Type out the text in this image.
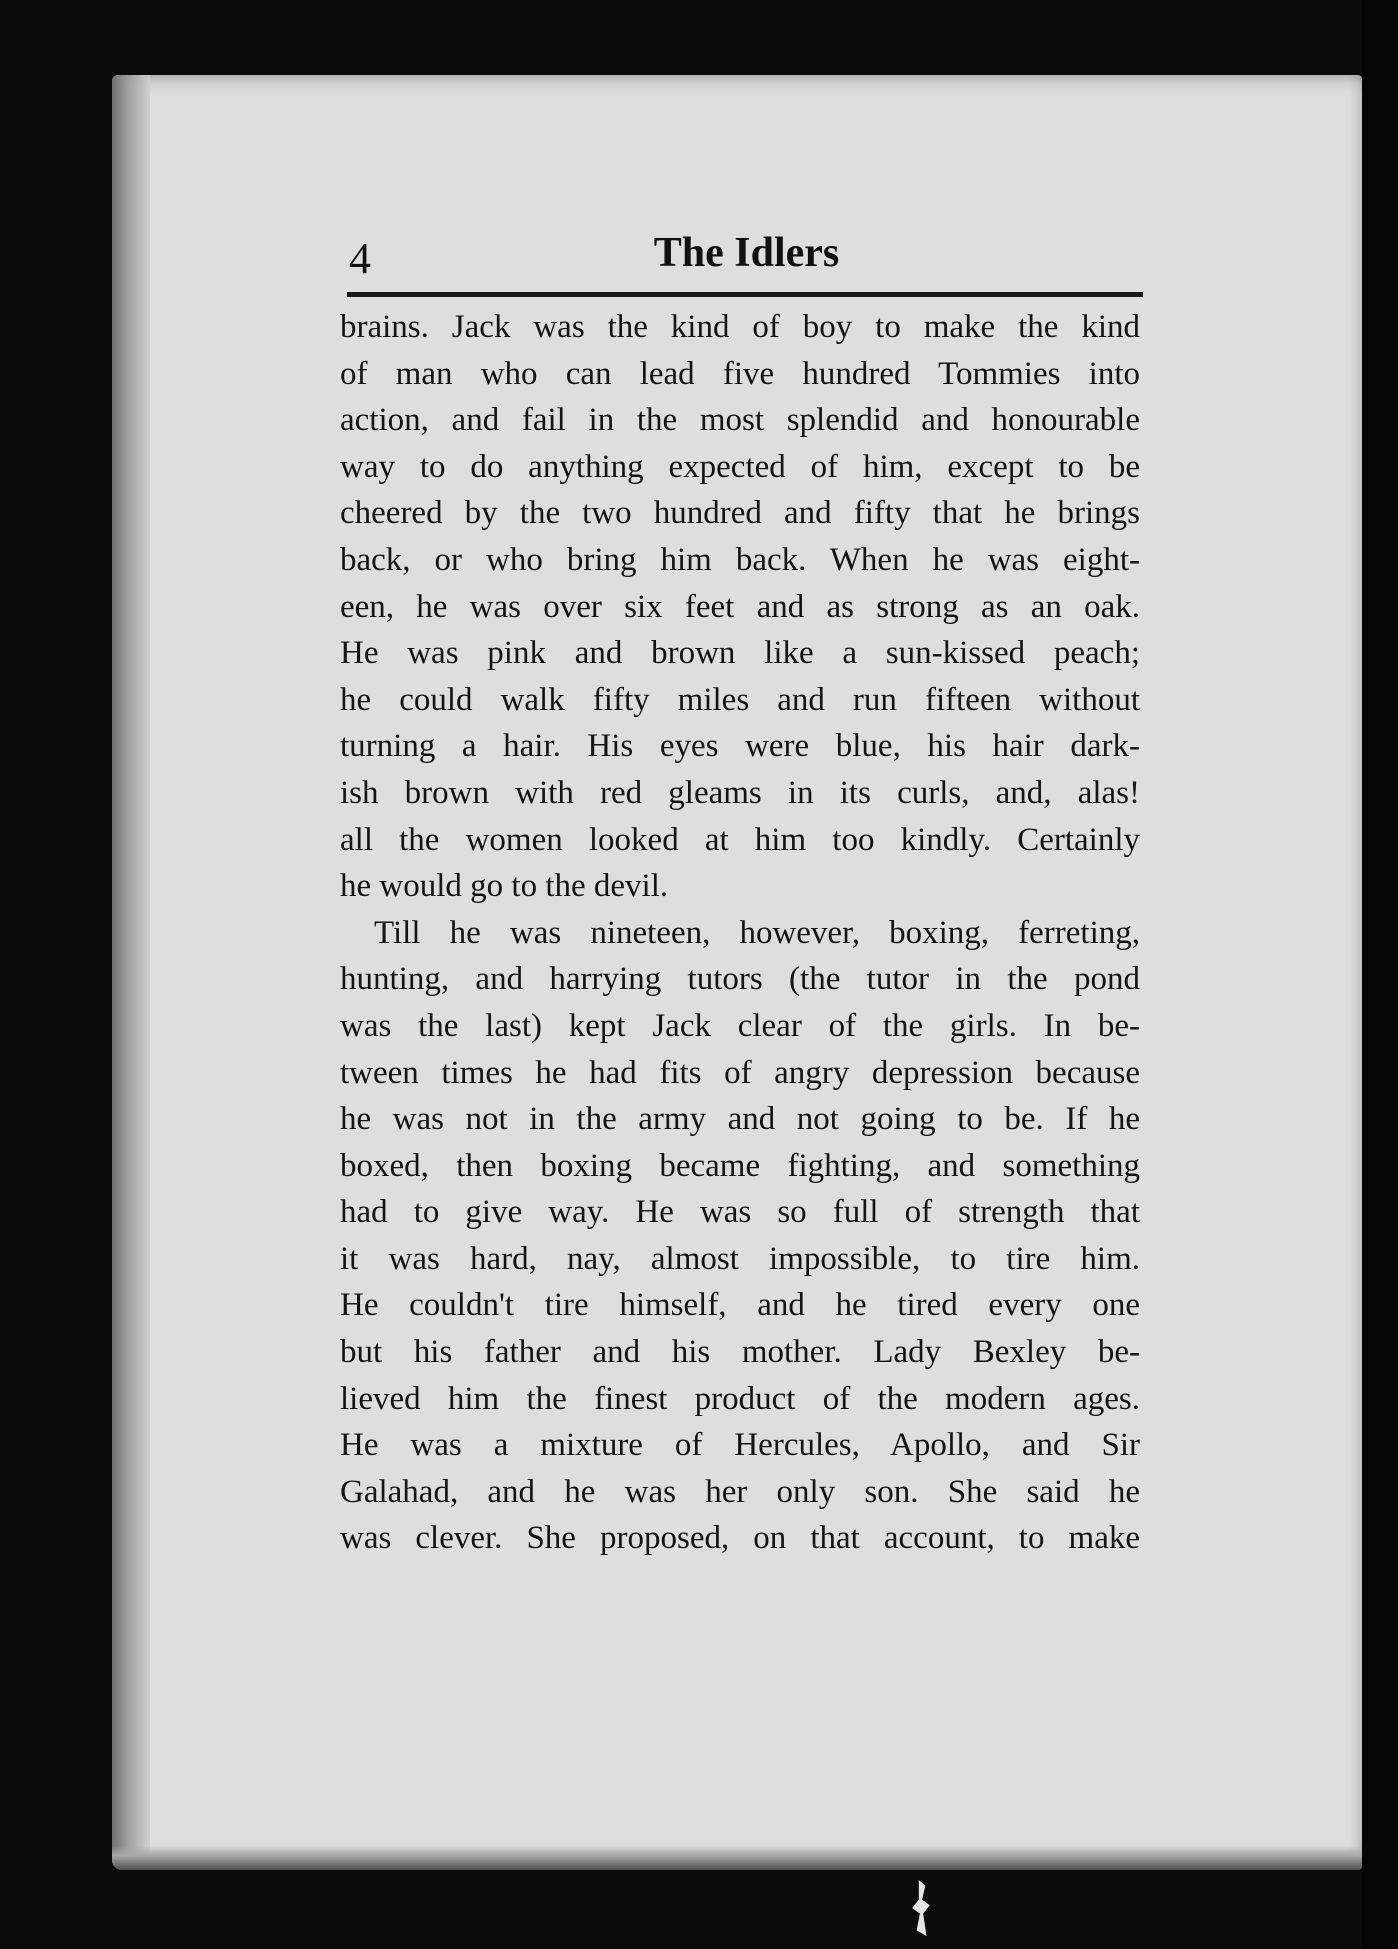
4	The Idlers
brains. Jack was the kind of boy to make the kind
of man who can lead five hundred Tommies into
action, and fail in the most splendid and honourable
way to do anything expected of him, except to be
cheered by the two hundred and fifty that he brings
back, or who bring him back. When he was eight-
een, he was over six feet and as strong as an oak.
He was pink and brown like a sun-kissed peach;
he could walk fifty miles and run fifteen without
turning a hair. His eyes were blue, his hair dark-
ish brown with red gleams in its curls, and, alas!
all the women looked at him too kindly. Certainly
he would go to the devil.
Till he was nineteen, however, boxing, ferreting,
hunting, and harrying tutors (the tutor in the pond
was the last) kept Jack clear of the girls. In be-
tween times he had fits of angry depression because
he was not in the army and not going to be. If he
boxed, then boxing became fighting, and something
had to give way. He was so full of strength that
it was hard, nay, almost impossible, to tire him.
He couldn't tire himself, and he tired every one
but his father and his mother. Lady Bexley be-
lieved him the finest product of the modern ages.
He was a mixture of Hercules, Apollo, and Sir
Galahad, and he was her only son. She said he
was clever. She proposed, on that account, to make
